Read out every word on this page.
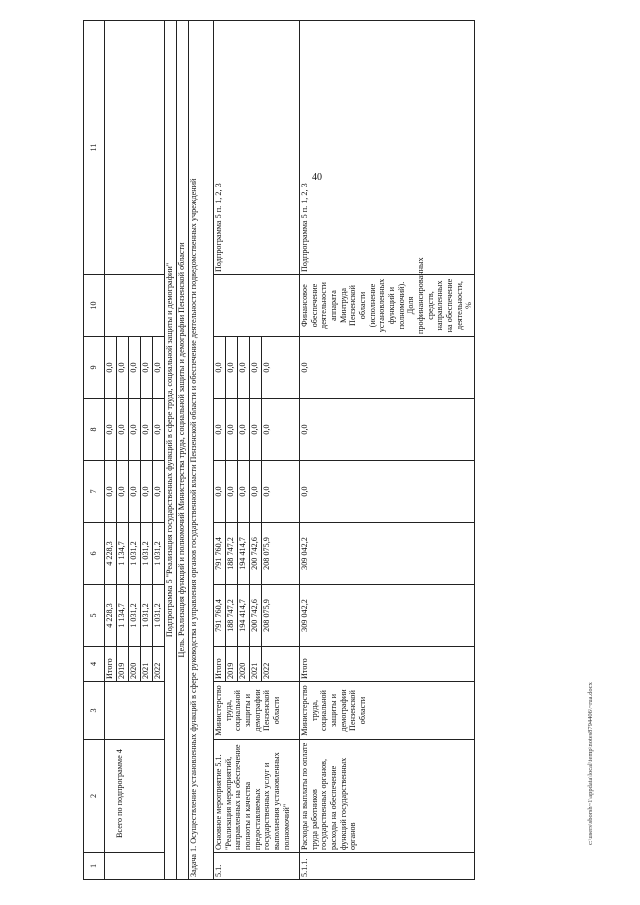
40
1	2	3	4	5	6	7	8	9	10	11
	Всего по подпрограмме 4		Итого	4 228,3	4 228,3	0,0	0,0	0,0		
			2019	1 134,7	1 134,7	0,0	0,0	0,0		
			2020	1 031,2	1 031,2	0,0	0,0	0,0		
			2021	1 031,2	1 031,2	0,0	0,0	0,0		
			2022	1 031,2	1 031,2	0,0	0,0	0,0		
Подпрограмма 5 "Реализация государственных функций в сфере труда, социальной защиты и демографии"										
Цель. Реализация функций и полномочий Министерства труда, социальной защиты и демографии Пензенской области										
Задача 1. Осуществление установленных функций в сфере руководства и управления органов государственной власти Пензенской области и обеспечение деятельности подведомственных учреждений										
5.1.	Основное мероприятие 5.1. "Реализация мероприятий, направленных на обеспечение полноты и качества предоставляемых государственных услуг и выполнения установленных полномочий"	Министерство труда, социальной защиты и демографии Пензенской области	Итого	791 760,4	791 760,4	0,0	0,0	0,0		Подпрограмма 5 п. 1, 2, 3
			2019	188 747,2	188 747,2	0,0	0,0	0,0		
			2020	194 414,7	194 414,7	0,0	0,0	0,0		
			2021	200 742,6	200 742,6	0,0	0,0	0,0		
			2022	208 075,9	208 075,9	0,0	0,0	0,0		
5.1.1.	Расходы на выплаты по оплате труда работников государственных органов, расходы на обеспечение функций государственных органов	Министерство труда, социальной защиты и демографии Пензенской области	Итого	309 042,2	309 042,2	0,0	0,0	0,0	Финансовое обеспечение деятельности аппарата Минтруда Пензенской области (исполнение установленных функций и полномочий). Доля профинансированных средств, направленных на обеспечение деятельности, %	Подпрограмма 5 п. 1, 2, 3
c:\users\sborsh~1\appdata\local\temp\notes8794406\~rua.docx
